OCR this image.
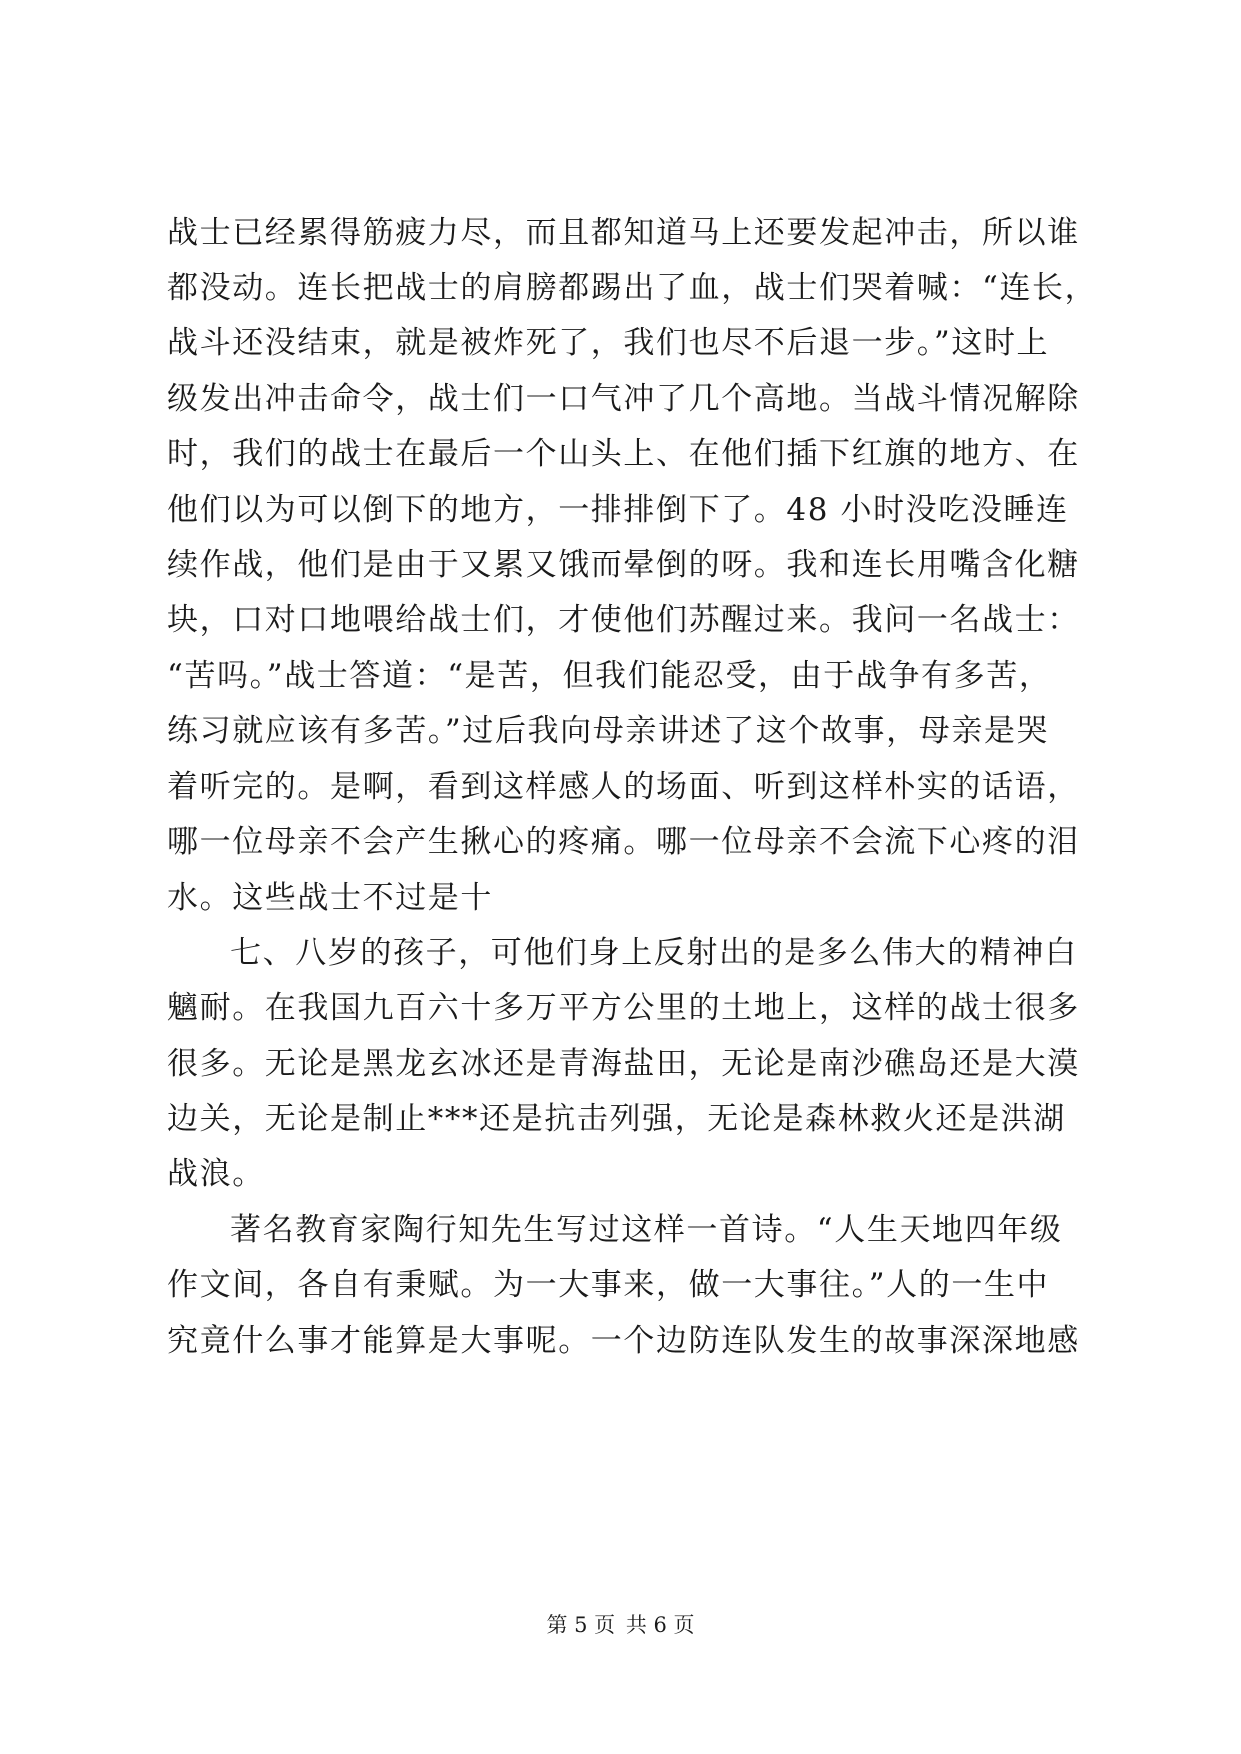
战士已经累得筋疲力尽，而且都知道马上还要发起冲击，所以谁
都没动。连长把战士的肩膀都踢出了血，战士们哭着喊：“连长，
战斗还没结束，就是被炸死了，我们也尽不后退一步。”这时上
级发出冲击命令，战士们一口气冲了几个高地。当战斗情况解除
时，我们的战士在最后一个山头上、在他们插下红旗的地方、在
他们以为可以倒下的地方，一排排倒下了。48 小时没吃没睡连
续作战，他们是由于又累又饿而晕倒的呀。我和连长用嘴含化糖
块，口对口地喂给战士们，才使他们苏醒过来。我问一名战士：
“苦吗。”战士答道：“是苦，但我们能忍受，由于战争有多苦，
练习就应该有多苦。”过后我向母亲讲述了这个故事，母亲是哭
着听完的。是啊，看到这样感人的场面、听到这样朴实的话语，
哪一位母亲不会产生揪心的疼痛。哪一位母亲不会流下心疼的泪
水。这些战士不过是十
七、八岁的孩子，可他们身上反射出的是多么伟大的精神白
魑耐。在我国九百六十多万平方公里的土地上，这样的战士很多
很多。无论是黑龙玄冰还是青海盐田，无论是南沙礁岛还是大漠
边关，无论是制止***还是抗击列强，无论是森林救火还是洪湖
战浪。
著名教育家陶行知先生写过这样一首诗。“人生天地四年级
作文间，各自有秉赋。为一大事来，做一大事往。”人的一生中
究竟什么事才能算是大事呢。一个边防连队发生的故事深深地感
第 5 页 共 6 页
